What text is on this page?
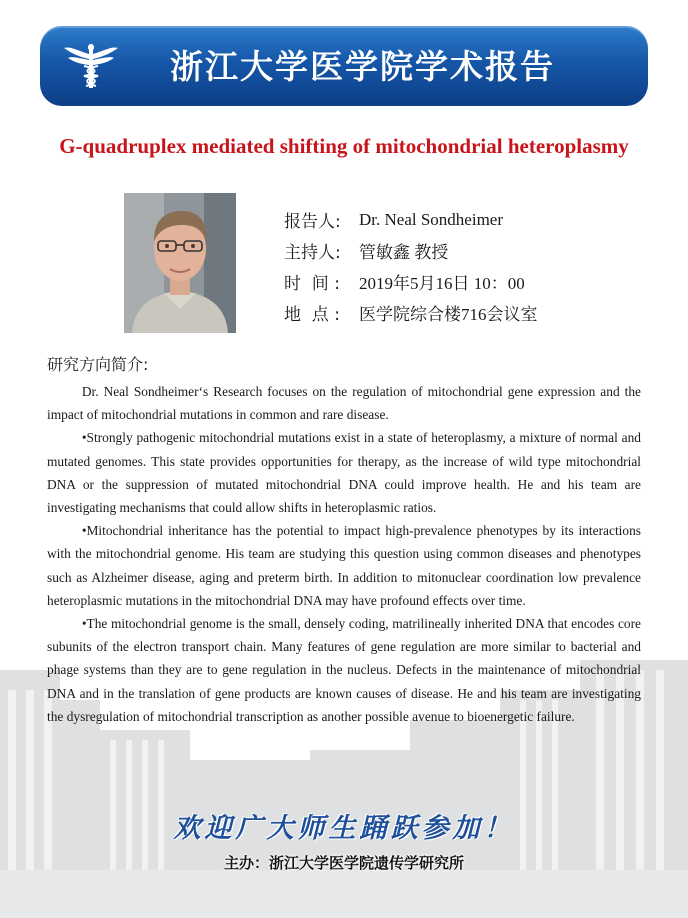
浙江大学医学院学术报告
G-quadruplex mediated shifting of mitochondrial heteroplasmy
报告人:	Dr. Neal Sondheimer
主持人:	管敏鑫 教授
时  间 :	2019年5月16日 10：00
地  点 :	医学院综合楼716会议室
研究方向简介:

Dr. Neal Sondheimer‘s Research focuses on the regulation of mitochondrial gene expression and the impact of mitochondrial mutations in common and rare disease.

•Strongly pathogenic mitochondrial mutations exist in a state of heteroplasmy, a mixture of normal and mutated genomes. This state provides opportunities for therapy, as the increase of wild type mitochondrial DNA or the suppression of mutated mitochondrial DNA could improve health. He and his team are investigating mechanisms that could allow shifts in heteroplasmic ratios.

•Mitochondrial inheritance has the potential to impact high-prevalence phenotypes by its interactions with the mitochondrial genome. His team are studying this question using common diseases and phenotypes such as Alzheimer disease, aging and preterm birth. In addition to mitonuclear coordination low prevalence heteroplasmic mutations in the mitochondrial DNA may have profound effects over time.

•The mitochondrial genome is the small, densely coding, matrilineally inherited DNA that encodes core subunits of the electron transport chain. Many features of gene regulation are more similar to bacterial and phage systems than they are to gene regulation in the nucleus. Defects in the maintenance of mitochondrial DNA and in the translation of gene products are known causes of disease. He and his team are investigating the dysregulation of mitochondrial transcription as another possible avenue to bioenergetic failure.

欢迎广大师生踊跃参加！
主办：浙江大学医学院遗传学研究所
